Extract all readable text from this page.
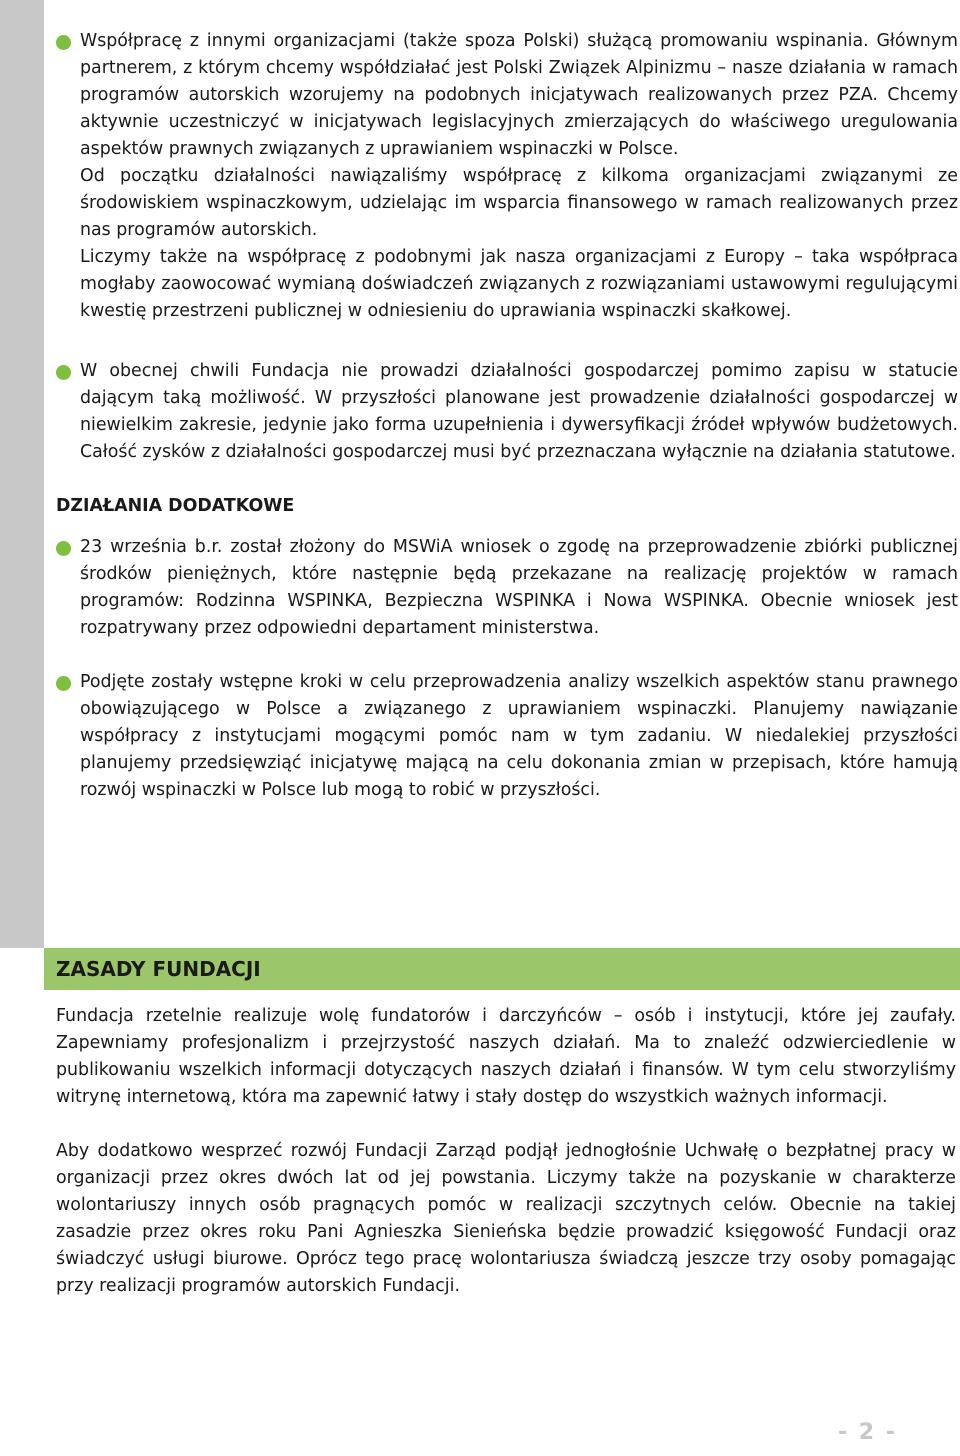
Współpracę z innymi organizacjami (także spoza Polski) służącą promowaniu wspinania. Głównym partnerem, z którym chcemy współdziałać jest Polski Związek Alpinizmu – nasze działania w ramach programów autorskich wzorujemy na podobnych inicjatywach realizowanych przez PZA. Chcemy aktywnie uczestniczyć w inicjatywach legislacyjnych zmierzających do właściwego uregulowania aspektów prawnych związanych z uprawianiem wspinaczki w Polsce.

Od początku działalności nawiązaliśmy współpracę z kilkoma organizacjami związanymi ze środowiskiem wspinaczkowym, udzielając im wsparcia finansowego w ramach realizowanych przez nas programów autorskich.

Liczymy także na współpracę z podobnymi jak nasza organizacjami z Europy – taka współpraca mogłaby zaowocować wymianą doświadczeń związanych z rozwiązaniami ustawowymi regulującymi kwestię przestrzeni publicznej w odniesieniu do uprawiania wspinaczki skałkowej.

W obecnej chwili Fundacja nie prowadzi działalności gospodarczej pomimo zapisu w statucie dającym taką możliwość. W przyszłości planowane jest prowadzenie działalności gospodarczej w niewielkim zakresie, jedynie jako forma uzupełnienia i dywersyfikacji źródeł wpływów budżetowych. Całość zysków z działalności gospodarczej musi być przeznaczana wyłącznie na działania statutowe.

DZIAŁANIA DODATKOWE

23 września b.r. został złożony do MSWiA wniosek o zgodę na przeprowadzenie zbiórki publicznej środków pieniężnych, które następnie będą przekazane na realizację projektów w ramach programów: Rodzinna WSPINKA, Bezpieczna WSPINKA i Nowa WSPINKA. Obecnie wniosek jest rozpatrywany przez odpowiedni departament ministerstwa.

Podjęte zostały wstępne kroki w celu przeprowadzenia analizy wszelkich aspektów stanu prawnego obowiązującego w Polsce a związanego z uprawianiem wspinaczki. Planujemy nawiązanie współpracy z instytucjami mogącymi pomóc nam w tym zadaniu. W niedalekiej przyszłości planujemy przedsięwziąć inicjatywę mającą na celu dokonania zmian w przepisach, które hamują rozwój wspinaczki w Polsce lub mogą to robić w przyszłości.

ZASADY FUNDACJI

Fundacja rzetelnie realizuje wolę fundatorów i darczyńców – osób i instytucji, które jej zaufały. Zapewniamy profesjonalizm i przejrzystość naszych działań. Ma to znaleźć odzwierciedlenie w publikowaniu wszelkich informacji dotyczących naszych działań i finansów. W tym celu stworzyliśmy witrynę internetową, która ma zapewnić łatwy i stały dostęp do wszystkich ważnych informacji.

Aby dodatkowo wesprzeć rozwój Fundacji Zarząd podjął jednogłośnie Uchwałę o bezpłatnej pracy w organizacji przez okres dwóch lat od jej powstania. Liczymy także na pozyskanie w charakterze wolontariuszy innych osób pragnących pomóc w realizacji szczytnych celów. Obecnie na takiej zasadzie przez okres roku Pani Agnieszka Sienieńska będzie prowadzić księgowość Fundacji oraz świadczyć usługi biurowe. Oprócz tego pracę wolontariusza świadczą jeszcze trzy osoby pomagając przy realizacji programów autorskich Fundacji.

- 2 -
